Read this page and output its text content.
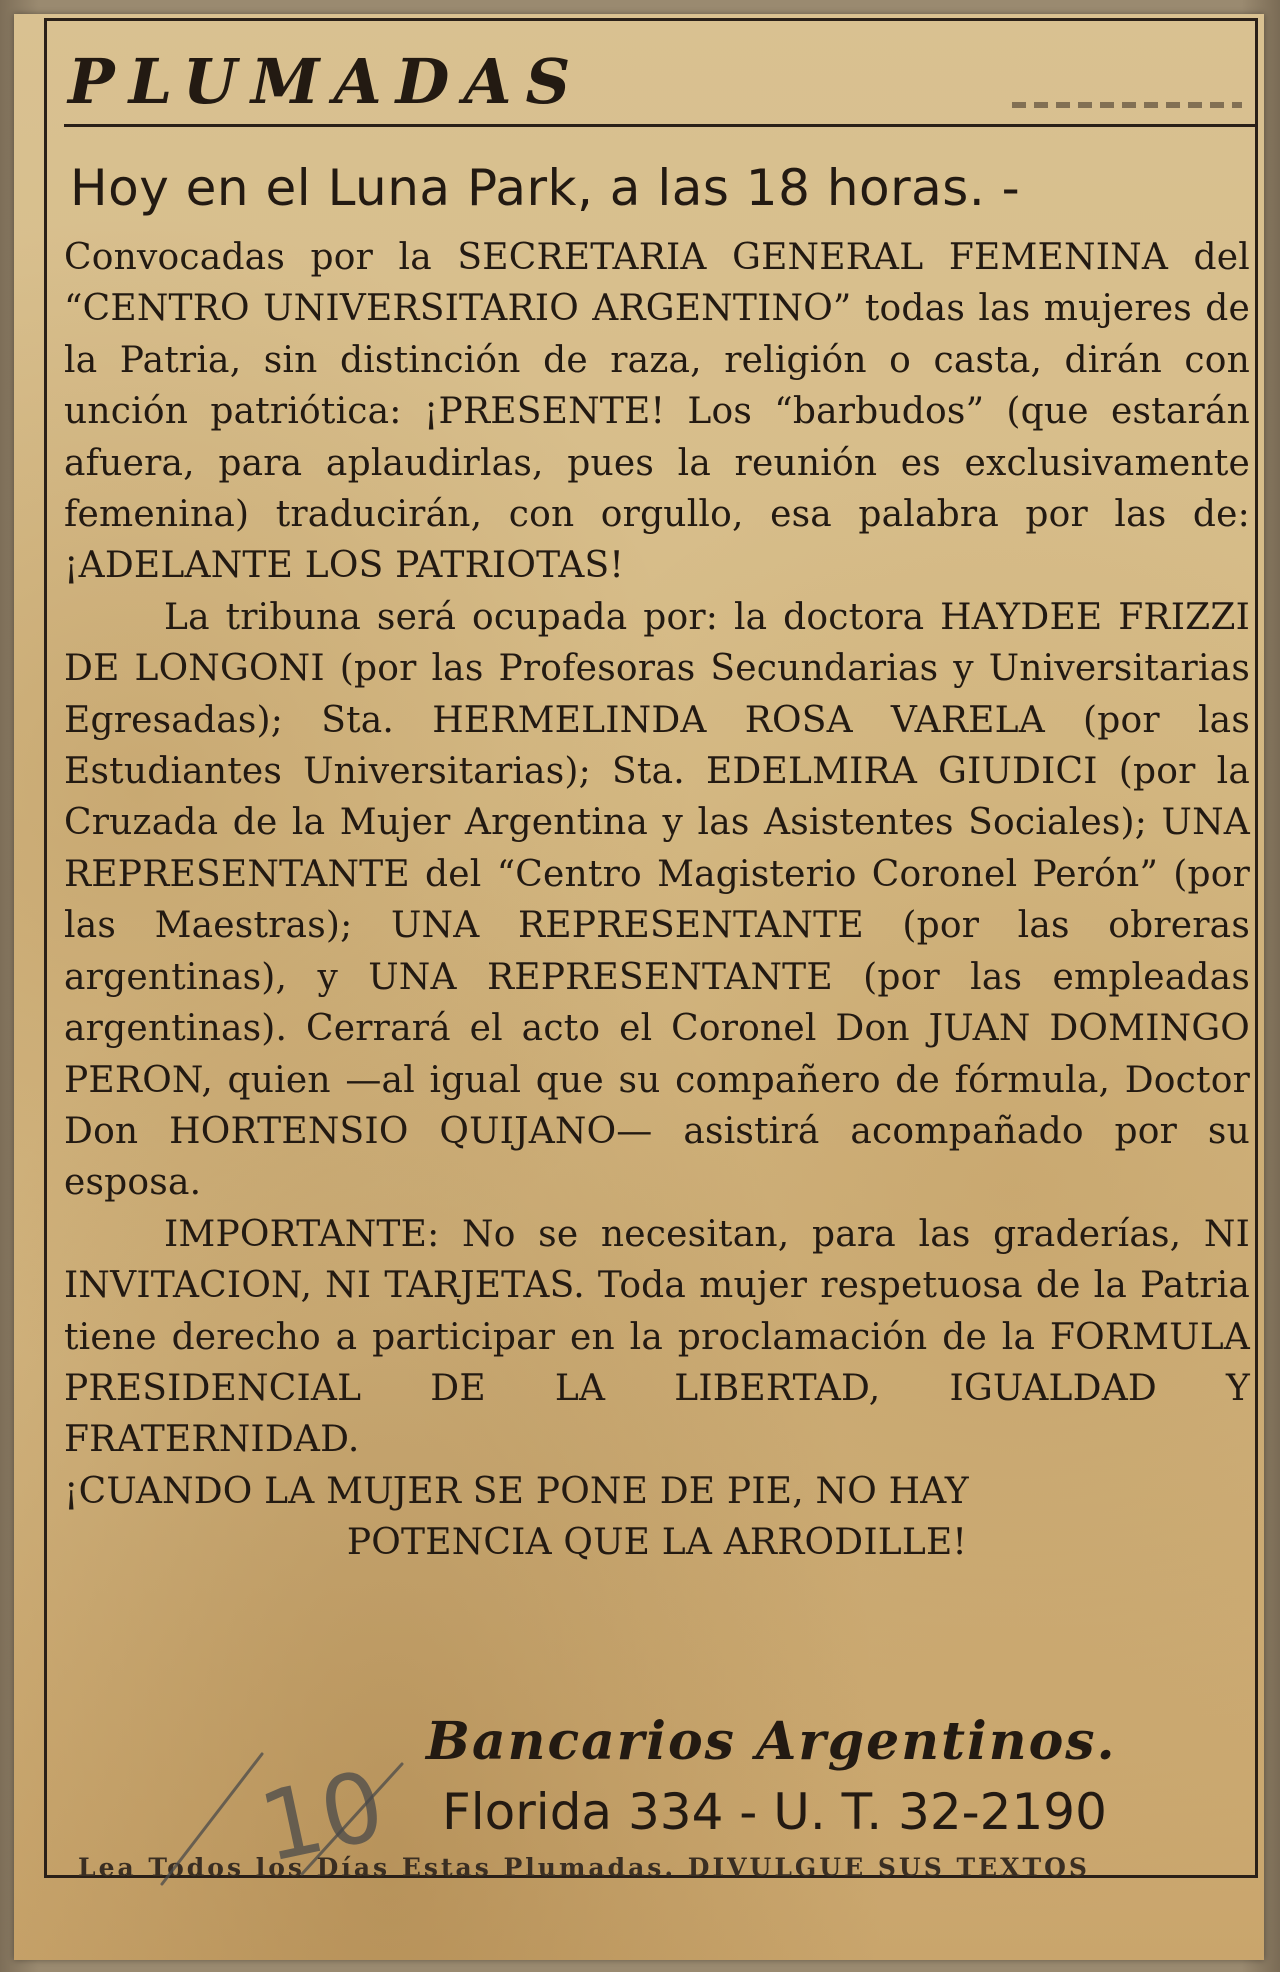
PLUMADAS
Hoy en el Luna Park, a las 18 horas. -

Convocadas por la SECRETARIA GENERAL FEMENINA del “CENTRO UNIVERSITARIO ARGENTINO” todas las mujeres de la Patria, sin distinción de raza, religión o casta, dirán con unción patriótica: ¡PRESENTE! Los “barbudos” (que estarán afuera, para aplaudirlas, pues la reunión es exclusivamente femenina) traducirán, con orgullo, esa palabra por las de: ¡ADELANTE LOS PATRIOTAS!

La tribuna será ocupada por: la doctora HAYDEE FRIZZI DE LONGONI (por las Profesoras Secundarias y Universitarias Egresadas); Sta. HERMELINDA ROSA VARELA (por las Estudiantes Universitarias); Sta. EDELMIRA GIUDICI (por la Cruzada de la Mujer Argentina y las Asistentes Sociales); UNA REPRESENTANTE del “Centro Magisterio Coronel Perón” (por las Maestras); UNA REPRESENTANTE (por las obreras argentinas), y UNA REPRESENTANTE (por las empleadas argentinas). Cerrará el acto el Coronel Don JUAN DOMINGO PERON, quien —al igual que su compañero de fórmula, Doctor Don HORTENSIO QUIJANO— asistirá acompañado por su esposa.

IMPORTANTE: No se necesitan, para las graderías, NI INVITACION, NI TARJETAS. Toda mujer respetuosa de la Patria tiene derecho a participar en la proclamación de la FORMULA PRESIDENCIAL DE LA LIBERTAD, IGUALDAD Y FRATERNIDAD.

¡CUANDO LA MUJER SE PONE DE PIE, NO HAY

POTENCIA QUE LA ARRODILLE!

Bancarios Argentinos.
Florida 334 - U. T. 32-2190
Lea Todos los Días Estas Plumadas. DIVULGUE SUS TEXTOS
10
